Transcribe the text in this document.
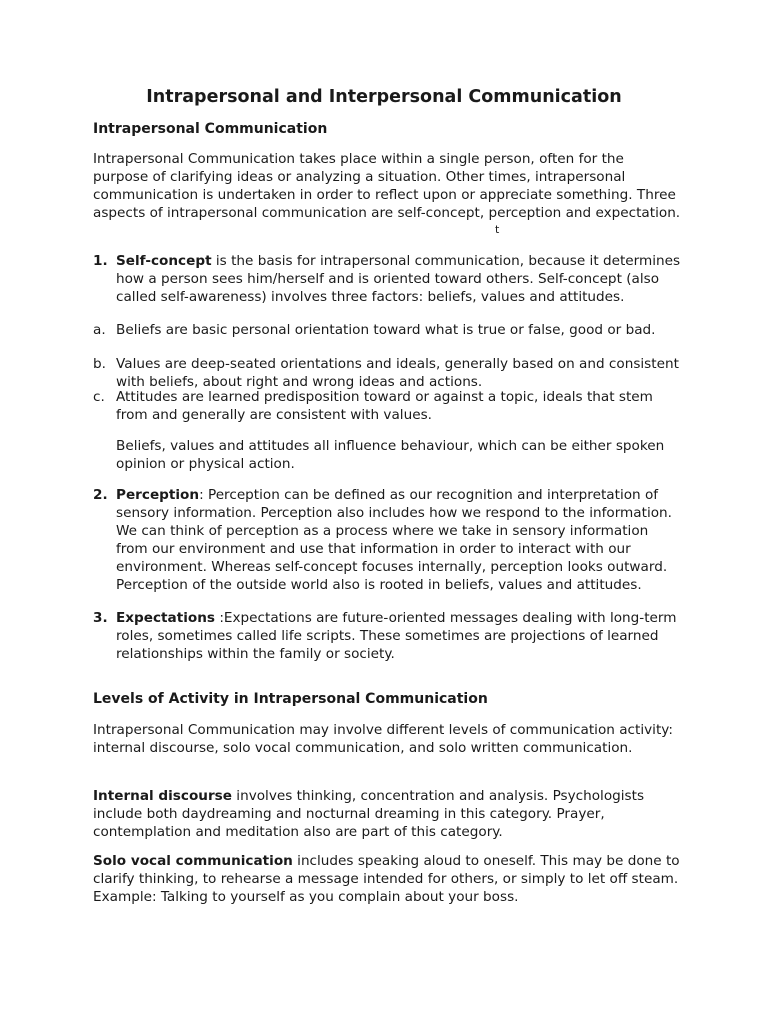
Intrapersonal and Interpersonal Communication
Intrapersonal Communication

Intrapersonal Communication takes place within a single person, often for the purpose of clarifying ideas or analyzing a situation. Other times, intrapersonal communication is undertaken in order to reflect upon or appreciate something. Three aspects of intrapersonal communication are self-concept, perception and expectation.

t
1. Self-concept is the basis for intrapersonal communication, because it determines how a person sees him/herself and is oriented toward others. Self-concept (also called self-awareness) involves three factors: beliefs, values and attitudes.
a. Beliefs are basic personal orientation toward what is true or false, good or bad.
b. Values are deep-seated orientations and ideals, generally based on and consistent with beliefs, about right and wrong ideas and actions.
c. Attitudes are learned predisposition toward or against a topic, ideals that stem from and generally are consistent with values.
Beliefs, values and attitudes all influence behaviour, which can be either spoken opinion or physical action.
2. Perception: Perception can be defined as our recognition and interpretation of sensory information. Perception also includes how we respond to the information. We can think of perception as a process where we take in sensory information from our environment and use that information in order to interact with our environment. Whereas self-concept focuses internally, perception looks outward. Perception of the outside world also is rooted in beliefs, values and attitudes.
3. Expectations :Expectations are future-oriented messages dealing with long-term roles, sometimes called life scripts. These sometimes are projections of learned relationships within the family or society.
Levels of Activity in Intrapersonal Communication

Intrapersonal Communication may involve different levels of communication activity: internal discourse, solo vocal communication, and solo written communication.

Internal discourse involves thinking, concentration and analysis. Psychologists include both daydreaming and nocturnal dreaming in this category. Prayer, contemplation and meditation also are part of this category.

Solo vocal communication includes speaking aloud to oneself. This may be done to clarify thinking, to rehearse a message intended for others, or simply to let off steam. Example: Talking to yourself as you complain about your boss.
